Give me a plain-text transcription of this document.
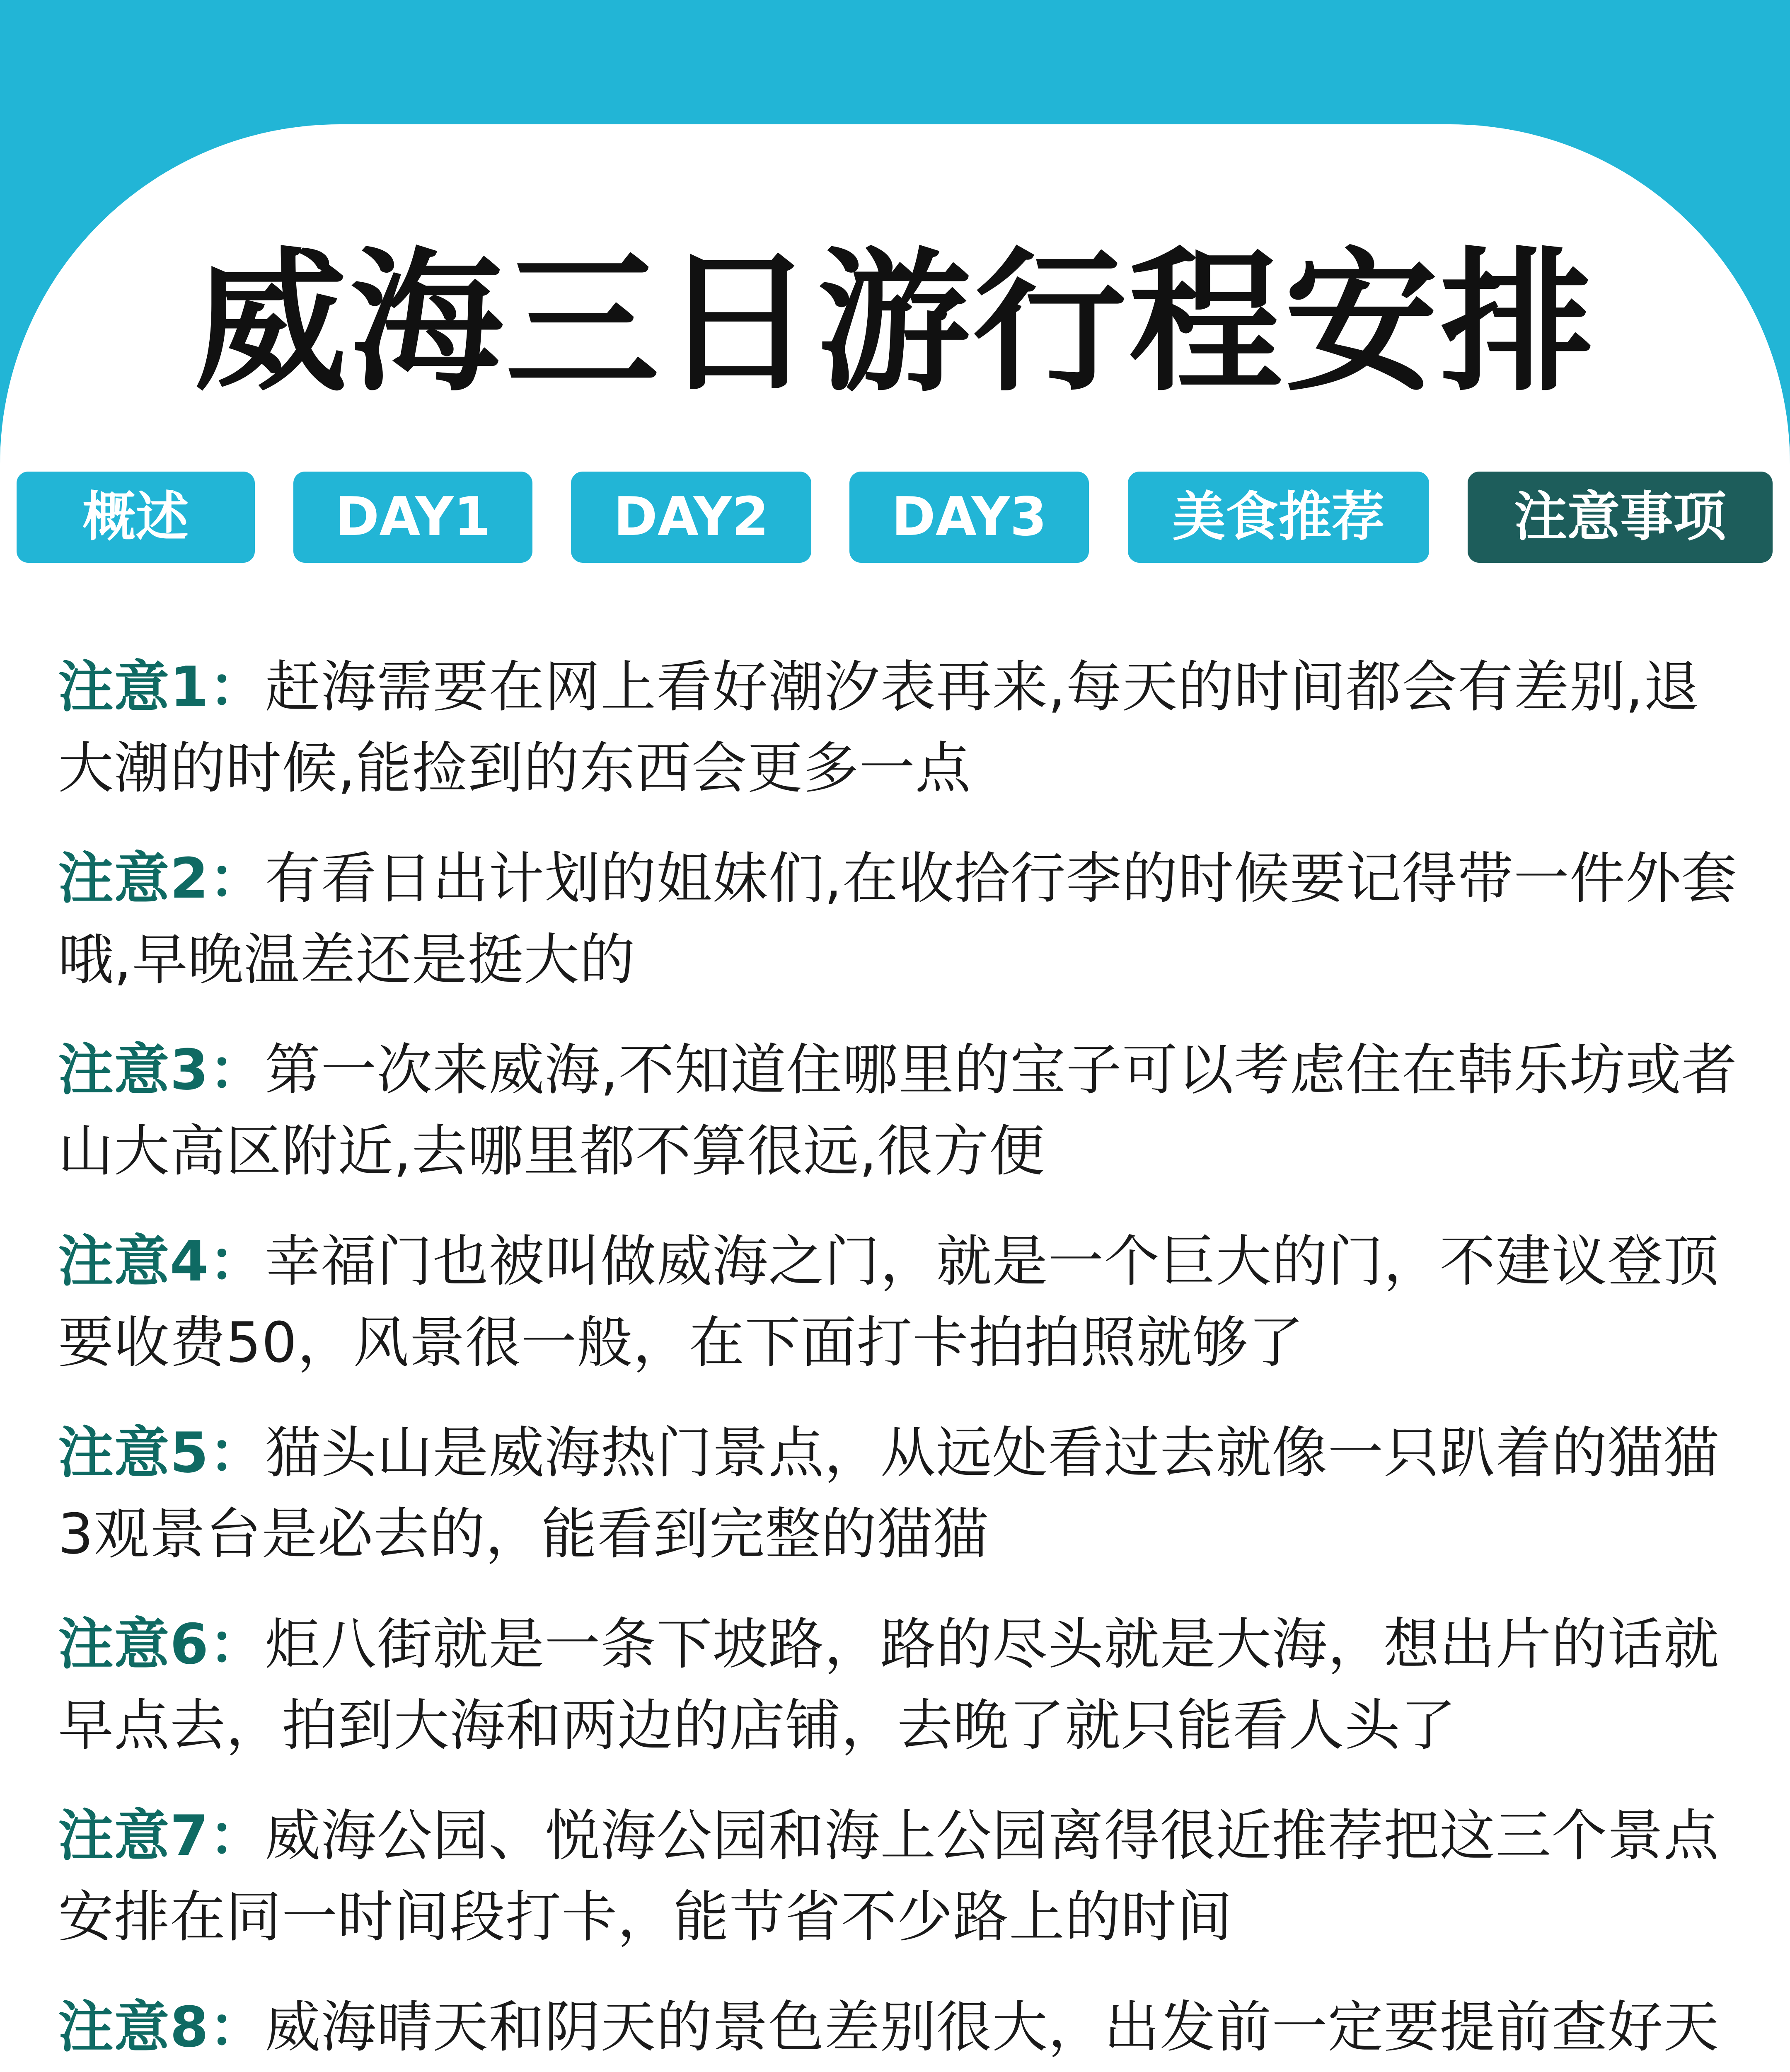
威海三日游行程安排
概述	DAY1	DAY2	DAY3	美食推荐	注意事项
注意1：赶海需要在网上看好潮汐表再来,每天的时间都会有差别,退大潮的时候,能捡到的东西会更多一点
注意2：有看日出计划的姐妹们,在收拾行李的时候要记得带一件外套哦,早晚温差还是挺大的
注意3：第一次来威海,不知道住哪里的宝子可以考虑住在韩乐坊或者山大高区附近,去哪里都不算很远,很方便
注意4：幸福门也被叫做威海之门，就是一个巨大的门，不建议登顶要收费50，风景很一般，在下面打卡拍拍照就够了
注意5：猫头山是威海热门景点，从远处看过去就像一只趴着的猫猫3观景台是必去的，能看到完整的猫猫
注意6：炬八街就是一条下坡路，路的尽头就是大海，想出片的话就早点去，拍到大海和两边的店铺，去晚了就只能看人头了
注意7：威海公园、悦海公园和海上公园离得很近推荐把这三个景点安排在同一时间段打卡，能节省不少路上的时间
注意8：威海晴天和阴天的景色差别很大，出发前一定要提前查好天
